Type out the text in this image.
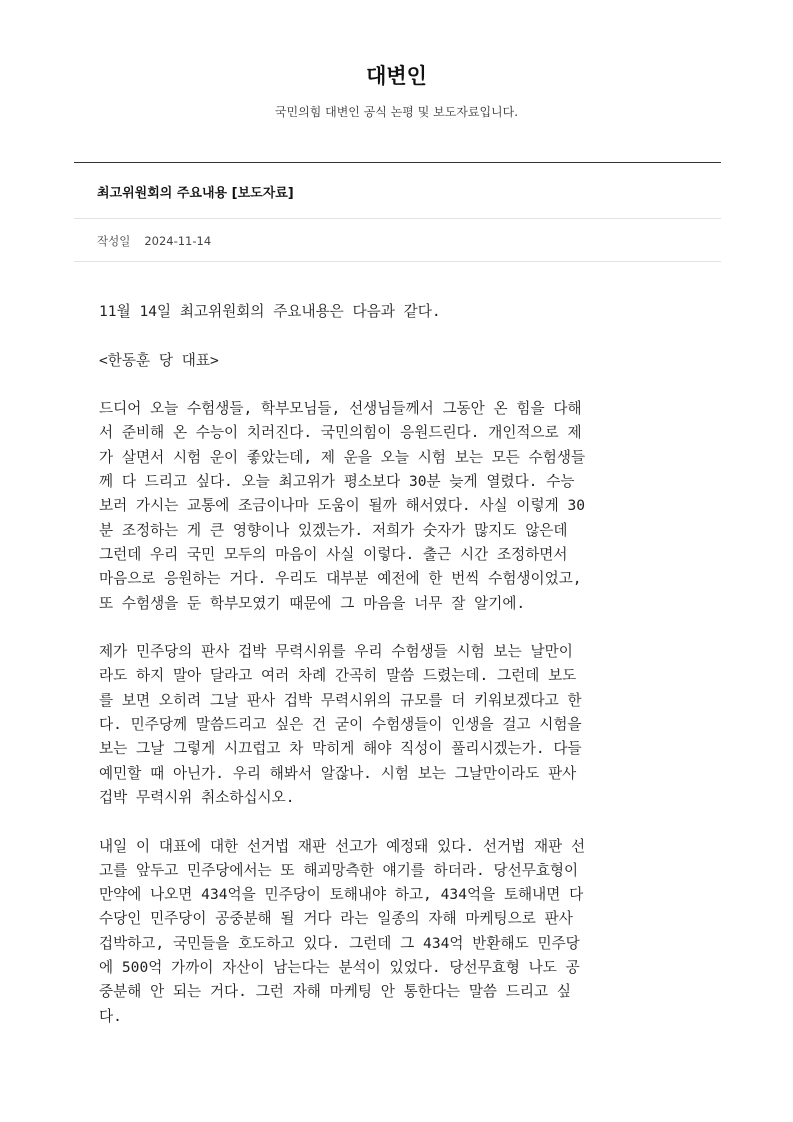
대변인

국민의힘 대변인 공식 논평 및 보도자료입니다.

최고위원회의 주요내용 [보도자료]
작성일 2024-11-14
11월 14일 최고위원회의 주요내용은 다음과 같다.
<한동훈 당 대표>
드디어 오늘 수험생들, 학부모님들, 선생님들께서 그동안 온 힘을 다해
서 준비해 온 수능이 치러진다. 국민의힘이 응원드린다. 개인적으로 제
가 살면서 시험 운이 좋았는데, 제 운을 오늘 시험 보는 모든 수험생들
께 다 드리고 싶다. 오늘 최고위가 평소보다 30분 늦게 열렸다. 수능
보러 가시는 교통에 조금이나마 도움이 될까 해서였다. 사실 이렇게 30
분 조정하는 게 큰 영향이나 있겠는가. 저희가 숫자가 많지도 않은데
그런데 우리 국민 모두의 마음이 사실 이렇다. 출근 시간 조정하면서
마음으로 응원하는 거다. 우리도 대부분 예전에 한 번씩 수험생이었고,
또 수험생을 둔 학부모였기 때문에 그 마음을 너무 잘 알기에.
제가 민주당의 판사 겁박 무력시위를 우리 수험생들 시험 보는 날만이
라도 하지 말아 달라고 여러 차례 간곡히 말씀 드렸는데. 그런데 보도
를 보면 오히려 그날 판사 겁박 무력시위의 규모를 더 키워보겠다고 한
다. 민주당께 말씀드리고 싶은 건 굳이 수험생들이 인생을 걸고 시험을
보는 그날 그렇게 시끄럽고 차 막히게 해야 직성이 풀리시겠는가. 다들
예민할 때 아닌가. 우리 해봐서 알잖나. 시험 보는 그날만이라도 판사
겁박 무력시위 취소하십시오.
내일 이 대표에 대한 선거법 재판 선고가 예정돼 있다. 선거법 재판 선
고를 앞두고 민주당에서는 또 해괴망측한 얘기를 하더라. 당선무효형이
만약에 나오면 434억을 민주당이 토해내야 하고, 434억을 토해내면 다
수당인 민주당이 공중분해 될 거다 라는 일종의 자해 마케팅으로 판사
겁박하고, 국민들을 호도하고 있다. 그런데 그 434억 반환해도 민주당
에 500억 가까이 자산이 남는다는 분석이 있었다. 당선무효형 나도 공
중분해 안 되는 거다. 그런 자해 마케팅 안 통한다는 말씀 드리고 싶
다.
